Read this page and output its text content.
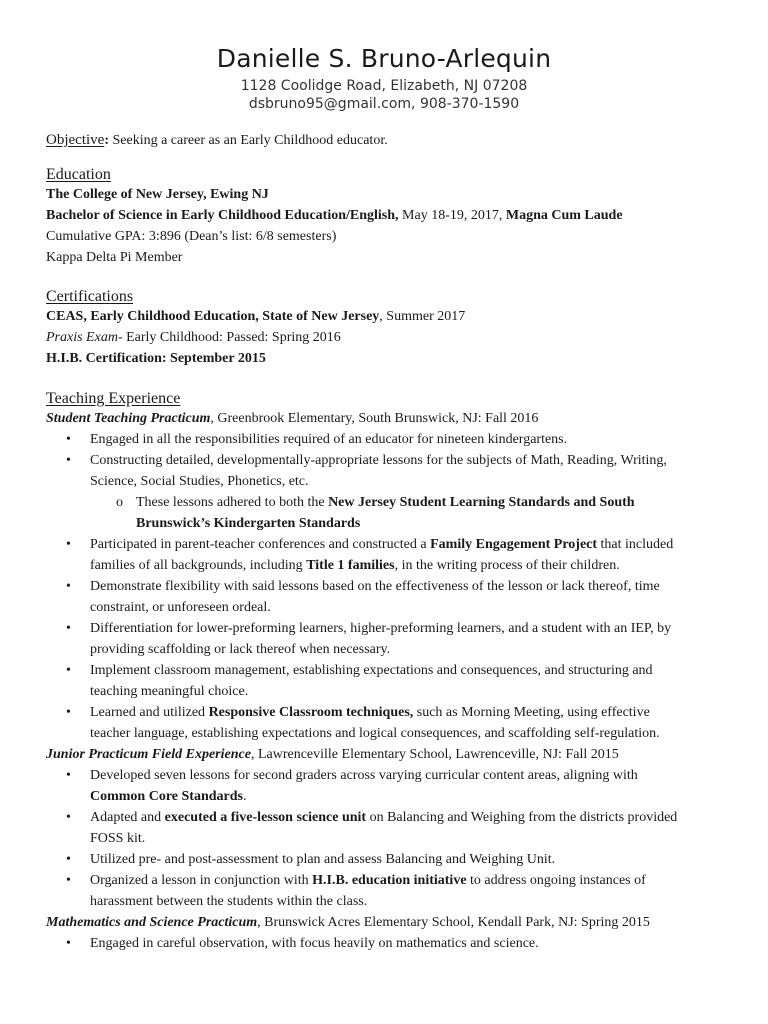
Danielle S. Bruno-Arlequin
1128 Coolidge Road, Elizabeth, NJ 07208
dsbruno95@gmail.com, 908-370-1590
Objective: Seeking a career as an Early Childhood educator.
Education
The College of New Jersey, Ewing NJ
Bachelor of Science in Early Childhood Education/English, May 18-19, 2017, Magna Cum Laude
Cumulative GPA: 3:896 (Dean’s list: 6/8 semesters)
Kappa Delta Pi Member
Certifications
CEAS, Early Childhood Education, State of New Jersey, Summer 2017
Praxis Exam- Early Childhood: Passed: Spring 2016
H.I.B. Certification: September 2015
Teaching Experience
Student Teaching Practicum, Greenbrook Elementary, South Brunswick, NJ: Fall 2016
• Engaged in all the responsibilities required of an educator for nineteen kindergartens.
• Constructing detailed, developmentally-appropriate lessons for the subjects of Math, Reading, Writing,
Science, Social Studies, Phonetics, etc.
o These lessons adhered to both the New Jersey Student Learning Standards and South
Brunswick’s Kindergarten Standards
• Participated in parent-teacher conferences and constructed a Family Engagement Project that included
families of all backgrounds, including Title 1 families, in the writing process of their children.
• Demonstrate flexibility with said lessons based on the effectiveness of the lesson or lack thereof, time
constraint, or unforeseen ordeal.
• Differentiation for lower-preforming learners, higher-preforming learners, and a student with an IEP, by
providing scaffolding or lack thereof when necessary.
• Implement classroom management, establishing expectations and consequences, and structuring and
teaching meaningful choice.
• Learned and utilized Responsive Classroom techniques, such as Morning Meeting, using effective
teacher language, establishing expectations and logical consequences, and scaffolding self-regulation.
Junior Practicum Field Experience, Lawrenceville Elementary School, Lawrenceville, NJ: Fall 2015
• Developed seven lessons for second graders across varying curricular content areas, aligning with
Common Core Standards.
• Adapted and executed a five-lesson science unit on Balancing and Weighing from the districts provided
FOSS kit.
• Utilized pre- and post-assessment to plan and assess Balancing and Weighing Unit.
• Organized a lesson in conjunction with H.I.B. education initiative to address ongoing instances of
harassment between the students within the class.
Mathematics and Science Practicum, Brunswick Acres Elementary School, Kendall Park, NJ: Spring 2015
• Engaged in careful observation, with focus heavily on mathematics and science.
